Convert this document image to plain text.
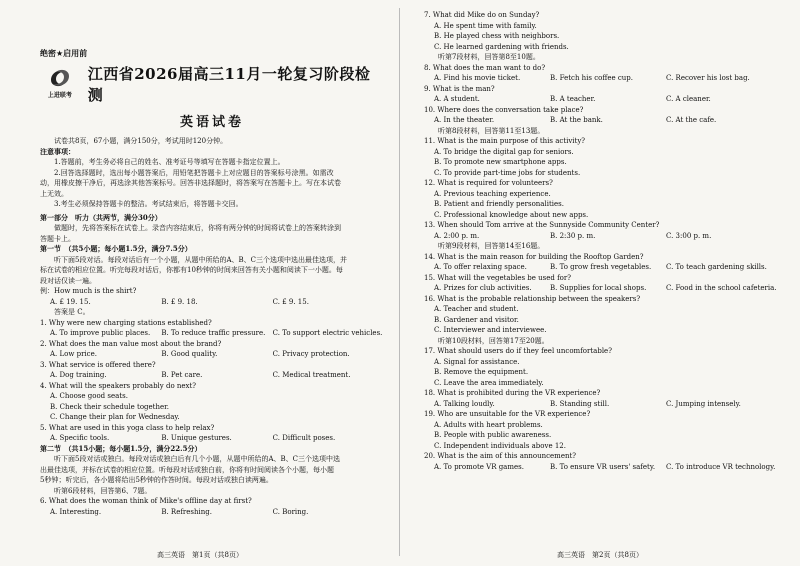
绝密★启用前
上进联考
江西省2026届高三11月一轮复习阶段检测
英语试卷
试卷共8页，67小题，满分150分，考试用时120分钟。
注意事项：
1.答题前，考生务必将自己的姓名、准考证号等填写在答题卡指定位置上。
2.回答选择题时，选出每小题答案后，用铅笔把答题卡上对应题目的答案标号涂黑。如需改
动，用橡皮擦干净后，再选涂其他答案标号。回答非选择题时，将答案写在答题卡上。写在本试卷
上无效。
3.考生必须保持答题卡的整洁。考试结束后，将答题卡交回。
第一部分　听力（共两节，满分30分）
做题时，先将答案标在试卷上。录音内容结束后，你将有两分钟的时间将试卷上的答案转涂到
答题卡上。
第一节　（共5小题；每小题1.5分，满分7.5分）
听下面5段对话。每段对话后有一个小题，从题中所给的A、B、C三个选项中选出最佳选项，并
标在试卷的相应位置。听完每段对话后，你都有10秒钟的时间来回答有关小题和阅读下一小题。每
段对话仅读一遍。
例：How much is the shirt?
A. £ 19. 15.	B. £ 9. 18.	C. £ 9. 15.
答案是 C。
1. Why were new charging stations established?
A. To improve public places.	B. To reduce traffic pressure.	C. To support electric vehicles.
2. What does the man value most about the brand?
A. Low price.	B. Good quality.	C. Privacy protection.
3. What service is offered there?
A. Dog training.	B. Pet care.	C. Medical treatment.
4. What will the speakers probably do next?
A. Choose good seats.
B. Check their schedule together.
C. Change their plan for Wednesday.
5. What are used in this yoga class to help relax?
A. Specific tools.	B. Unique gestures.	C. Difficult poses.
第二节　（共15小题；每小题1.5分，满分22.5分）
听下面5段对话或独白。每段对话或独白后有几个小题，从题中所给的A、B、C三个选项中选
出最佳选项，并标在试卷的相应位置。听每段对话或独白前，你将有时间阅读各个小题，每小题
5秒钟；听完后，各小题将给出5秒钟的作答时间。每段对话或独白读两遍。
听第6段材料，回答第6、7题。
6. What does the woman think of Mike's offline day at first?
A. Interesting.	B. Refreshing.	C. Boring.
高三英语　第1页（共8页）
7. What did Mike do on Sunday?
A. He spent time with family.
B. He played chess with neighbors.
C. He learned gardening with friends.
听第7段材料，回答第8至10题。
8. What does the man want to do?
A. Find his movie ticket.	B. Fetch his coffee cup.	C. Recover his lost bag.
9. What is the man?
A. A student.	B. A teacher.	C. A cleaner.
10. Where does the conversation take place?
A. In the theater.	B. At the bank.	C. At the cafe.
听第8段材料，回答第11至13题。
11. What is the main purpose of this activity?
A. To bridge the digital gap for seniors.
B. To promote new smartphone apps.
C. To provide part-time jobs for students.
12. What is required for volunteers?
A. Previous teaching experience.
B. Patient and friendly personalities.
C. Professional knowledge about new apps.
13. When should Tom arrive at the Sunnyside Community Center?
A. 2:00 p. m.	B. 2:30 p. m.	C. 3:00 p. m.
听第9段材料，回答第14至16题。
14. What is the main reason for building the Rooftop Garden?
A. To offer relaxing space.	B. To grow fresh vegetables.	C. To teach gardening skills.
15. What will the vegetables be used for?
A. Prizes for club activities.	B. Supplies for local shops.	C. Food in the school cafeteria.
16. What is the probable relationship between the speakers?
A. Teacher and student.
B. Gardener and visitor.
C. Interviewer and interviewee.
听第10段材料，回答第17至20题。
17. What should users do if they feel uncomfortable?
A. Signal for assistance.
B. Remove the equipment.
C. Leave the area immediately.
18. What is prohibited during the VR experience?
A. Talking loudly.	B. Standing still.	C. Jumping intensely.
19. Who are unsuitable for the VR experience?
A. Adults with heart problems.
B. People with public awareness.
C. Independent individuals above 12.
20. What is the aim of this announcement?
A. To promote VR games.	B. To ensure VR users' safety.	C. To introduce VR technology.
高三英语　第2页（共8页）
